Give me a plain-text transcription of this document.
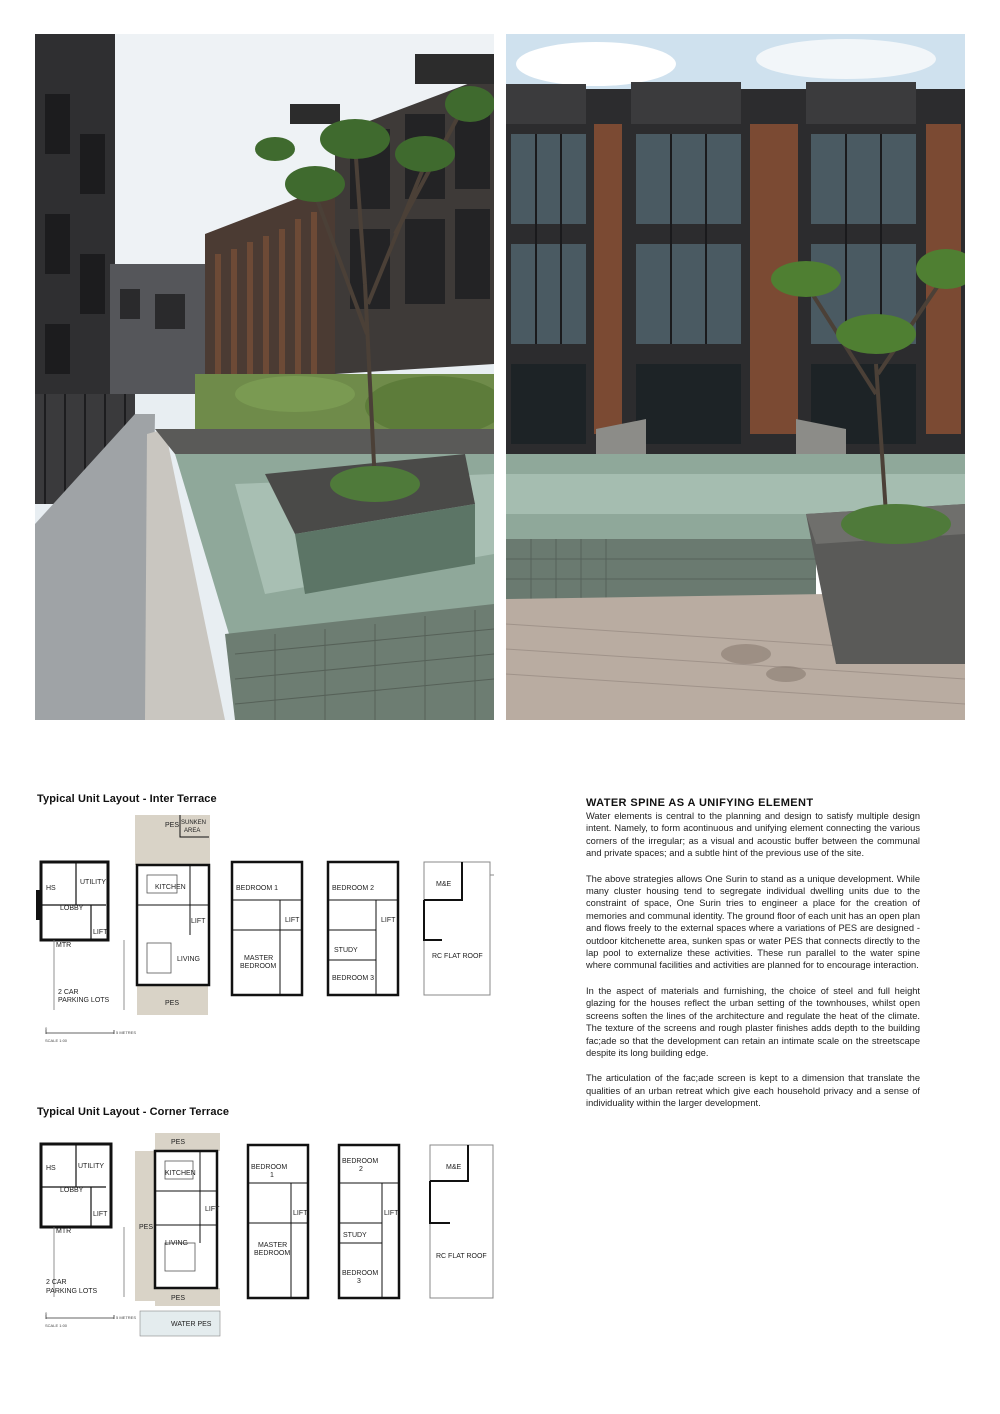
Typical Unit Layout - Inter Terrace
Typical Unit Layout - Corner Terrace
HS
UTILITY
LOBBY
LIFT
MTR
2 CAR
PARKING LOTS
PES SUNKEN
AREA
KITCHEN
LIFT
LIVING
PES
BEDROOM 1
LIFT
MASTER
BEDROOM
BEDROOM 2
LIFT
STUDY
BEDROOM 3
M&E
RC FLAT ROOF
0
5 METRES
SCALE 1:00
HS	UTILITY
LOBBY
LIFT
MTR
2 CAR
PARKING LOTS
PES
KITCHEN
LIFT
PES
LIVING
PES
WATER PES
BEDROOM
1
LIFT
MASTER
BEDROOM
BEDROOM
2
LIFT
STUDY
BEDROOM
3
M&E
RC FLAT ROOF
0
5 METRES
SCALE 1:00
WATER SPINE AS A UNIFYING ELEMENT

Water elements is central to the planning and design to satisfy multiple design intent. Namely, to form acontinuous and unifying element connecting the various corners of the irregular; as a visual and acoustic buffer between the communal and private spaces; and a subtle hint of the previous use of the site.

The above strategies allows One Surin to stand as a unique development. While many cluster housing tend to segregate individual dwelling units due to the constraint of space, One Surin tries to engineer a place for the creation of memories and communal identity. The ground floor of each unit has an open plan and flows freely to the external spaces where a variations of PES are designed - outdoor kitchenette area, sunken spas or water PES that connects directly to the lap pool to externalize these activities. These run parallel to the water spine where communal facilities and activities are planned for to encourage interaction.

In the aspect of materials and furnishing, the choice of steel and full height glazing for the houses reflect the urban setting of the townhouses, whilst open screens soften the lines of the architecture and regulate the heat of the climate. The texture of the screens and rough plaster finishes adds depth to the building fac;ade so that the development can retain an intimate scale on the streetscape despite its long building edge.

The articulation of the fac;ade screen is kept to a dimension that translate the qualities of an urban retreat which give each household privacy and a sense of individuality within the larger development.
